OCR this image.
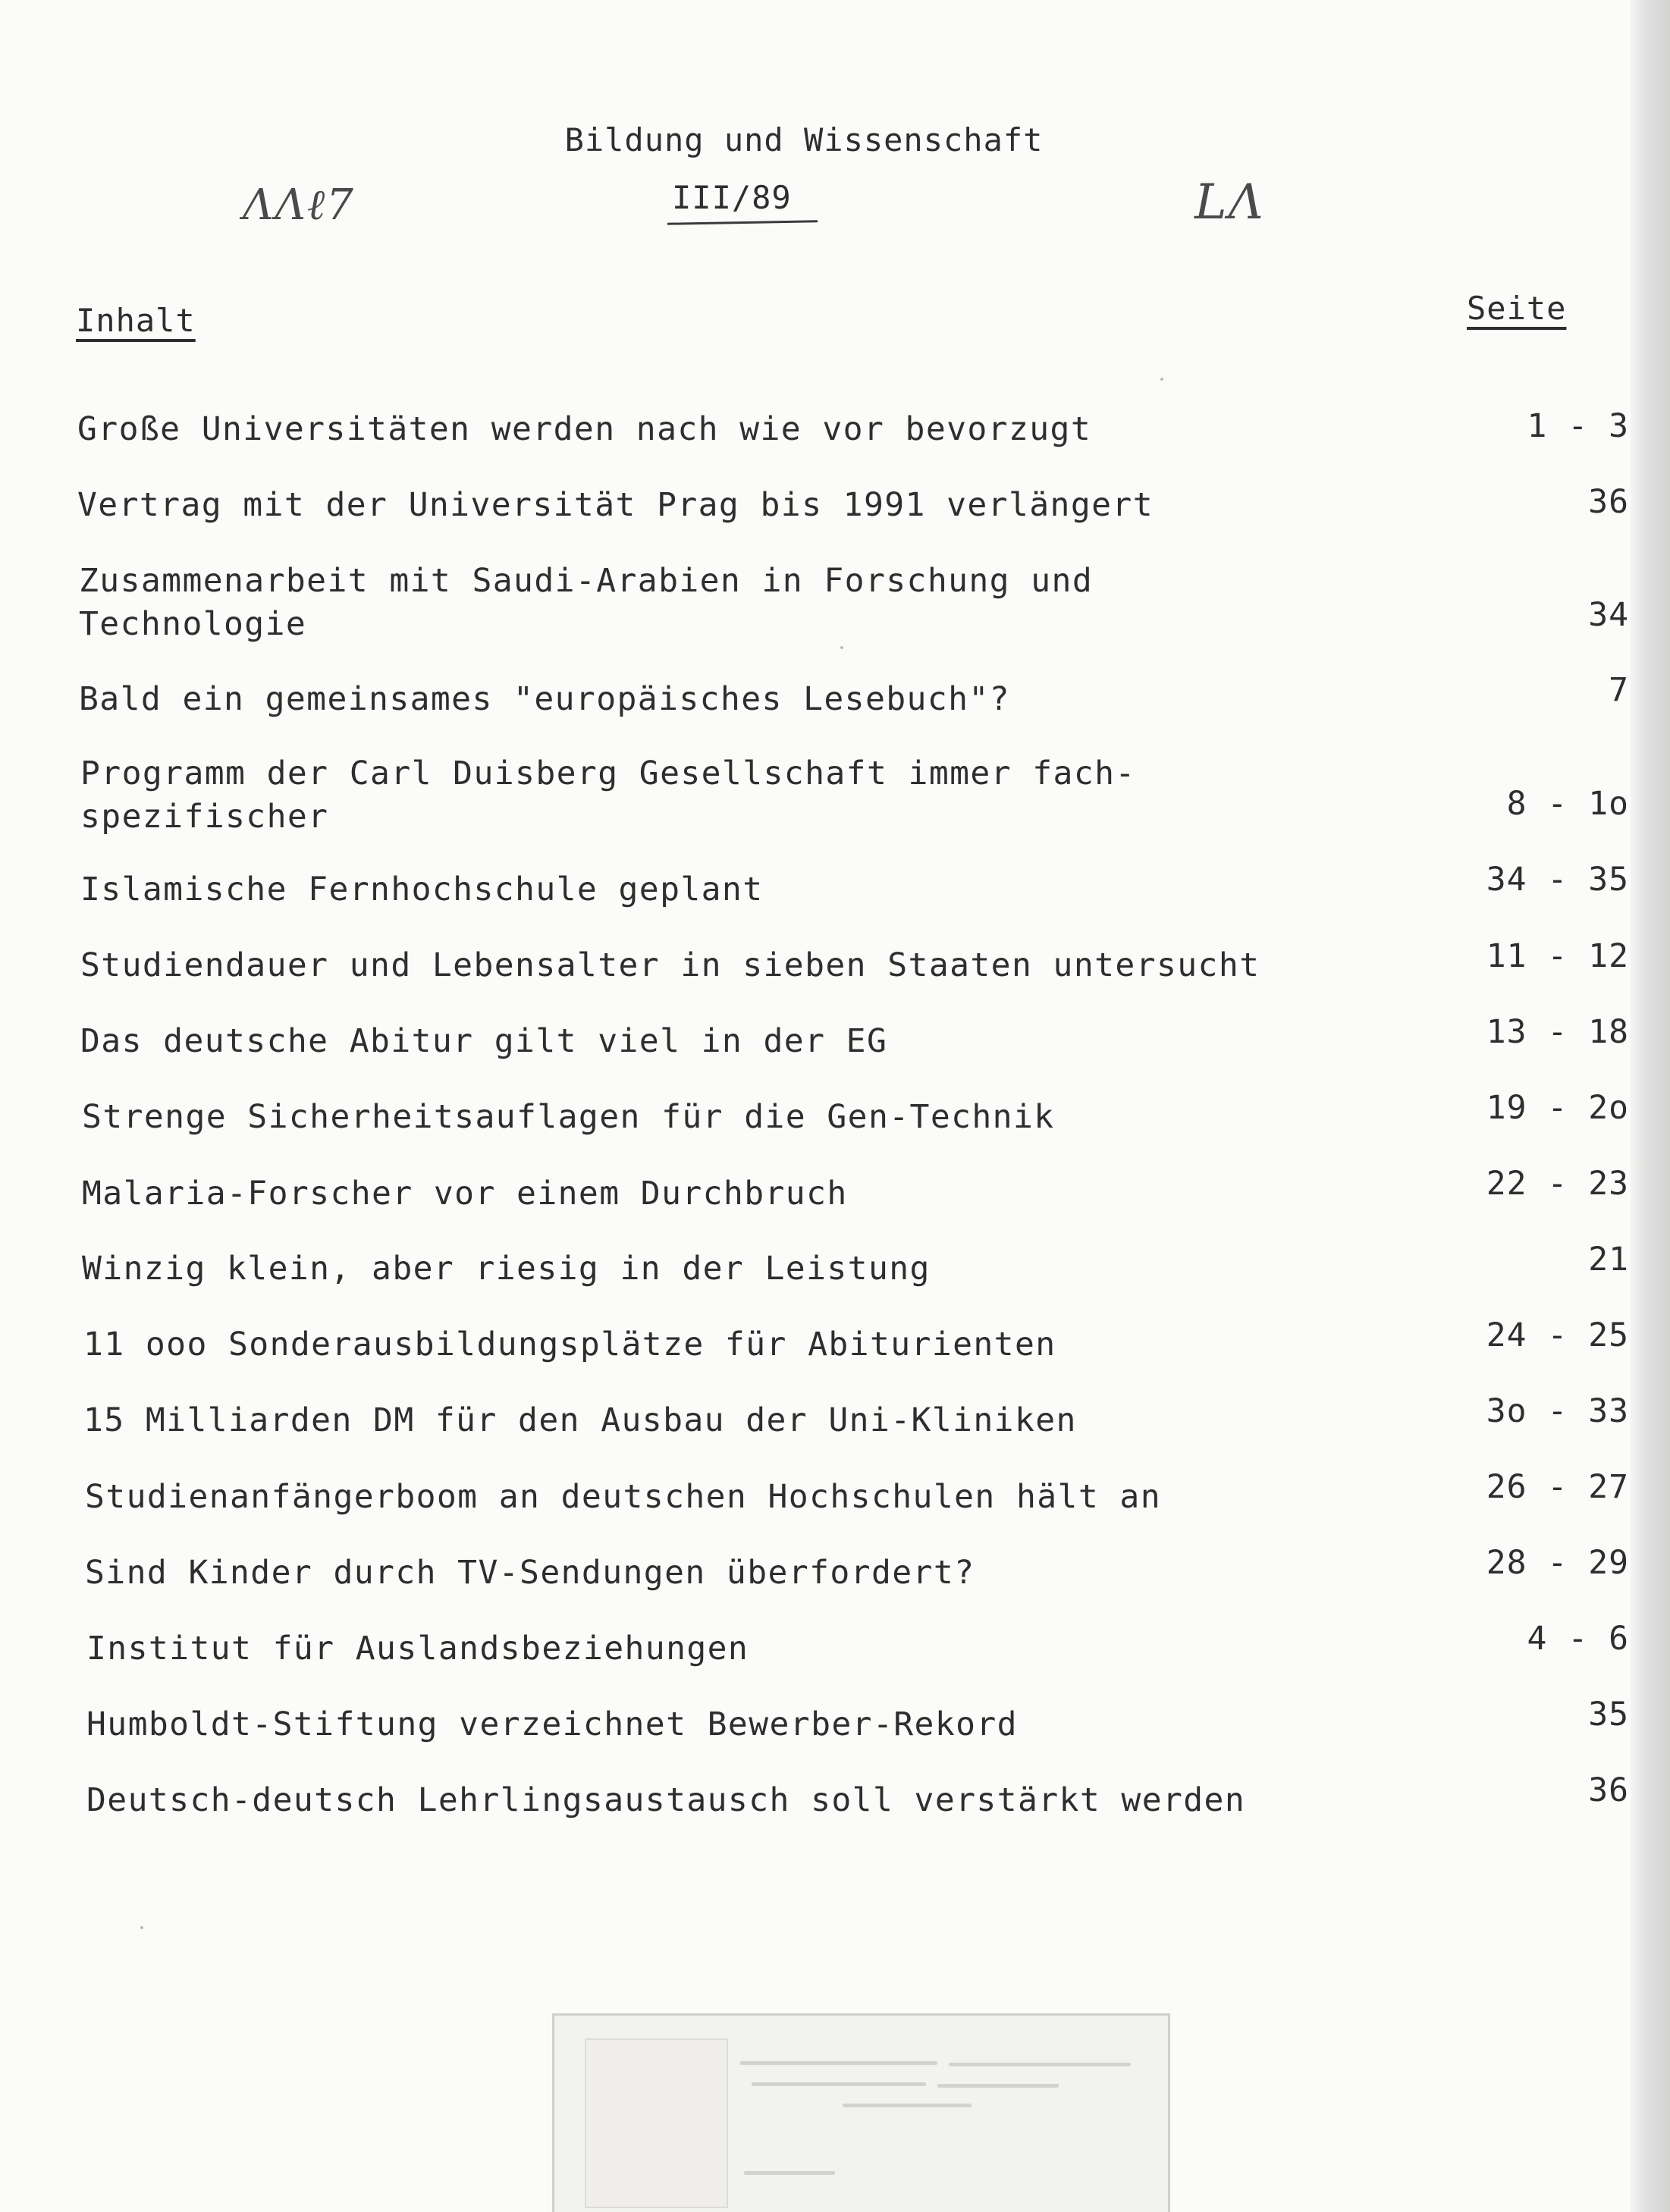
Bildung und Wissenschaft
III/89
ΛΛℓ7	LΛ
Inhalt	Seite
Große Universitäten werden nach wie vor bevorzugt	1 - 3
Vertrag mit der Universität Prag bis 1991 verlängert	36
Zusammenarbeit mit Saudi-Arabien in Forschung und
Technologie	34
Bald ein gemeinsames "europäisches Lesebuch"?	7
Programm der Carl Duisberg Gesellschaft immer fach-
spezifischer	8 - 1o
Islamische Fernhochschule geplant	34 - 35
Studiendauer und Lebensalter in sieben Staaten untersucht	11 - 12
Das deutsche Abitur gilt viel in der EG	13 - 18
Strenge Sicherheitsauflagen für die Gen-Technik	19 - 2o
Malaria-Forscher vor einem Durchbruch	22 - 23
Winzig klein, aber riesig in der Leistung	21
11 ooo Sonderausbildungsplätze für Abiturienten	24 - 25
15 Milliarden DM für den Ausbau der Uni-Kliniken	3o - 33
Studienanfängerboom an deutschen Hochschulen hält an	26 - 27
Sind Kinder durch TV-Sendungen überfordert?	28 - 29
Institut für Auslandsbeziehungen	4 - 6
Humboldt-Stiftung verzeichnet Bewerber-Rekord	35
Deutsch-deutsch Lehrlingsaustausch soll verstärkt werden	36
